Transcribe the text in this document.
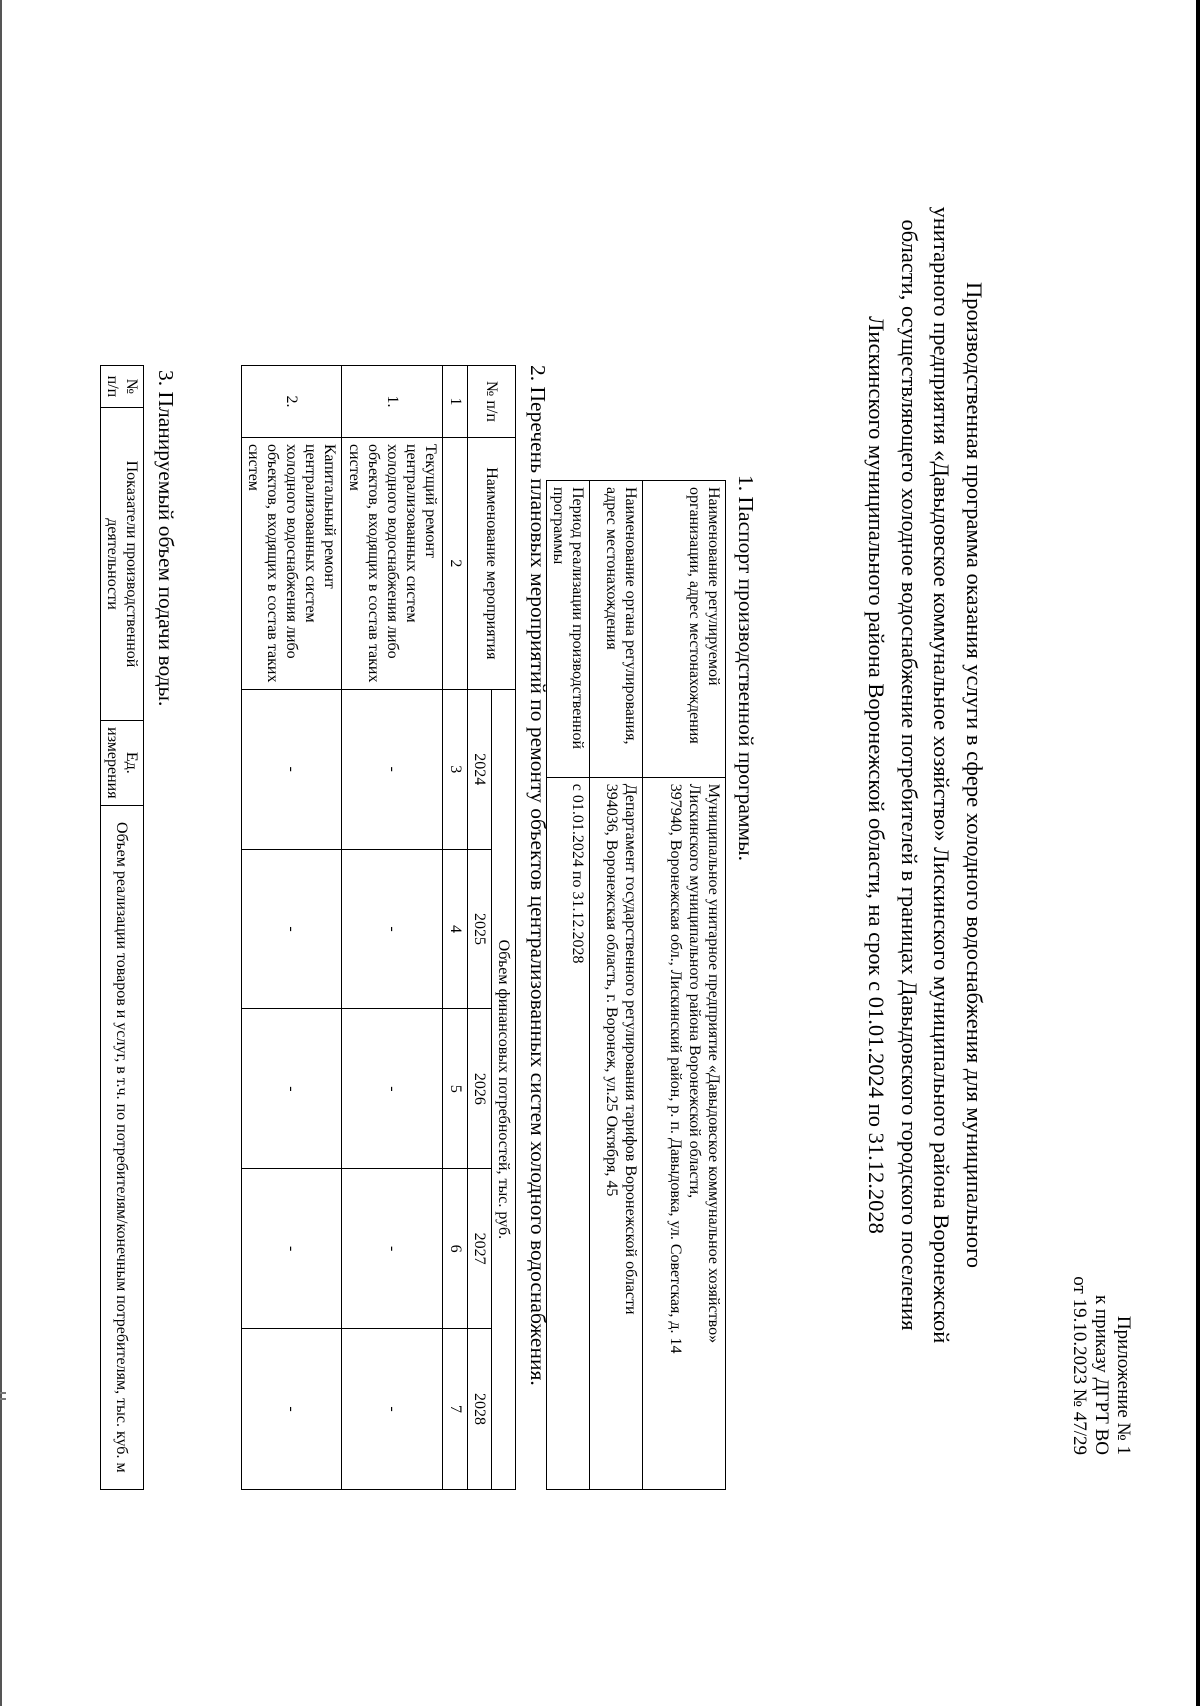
Приложение № 1
к приказу ДГРТ ВО
от 19.10.2023 № 47/29
Производственная программа оказания услуги в сфере холодного водоснабжения для муниципального
унитарного предприятия «Давыдовское коммунальное хозяйство» Лискинского муниципального района Воронежской
области, осуществляющего холодное водоснабжение потребителей в границах Давыдовского городского поселения
Лискинского муниципального района Воронежской области, на срок с 01.01.2024 по 31.12.2028
1. Паспорт производственной программы.
Наименование регулируемой организации, адрес местонахождения	Муниципальное унитарное предприятие «Давыдовское коммунальное хозяйство»
Лискинского муниципального района Воронежской области,
397940, Воронежская обл., Лискинский район, р. п. Давыдовка, ул. Советская, д. 14

Наименование органа регулирования, адрес местонахождения	Департамент государственного регулирования тарифов Воронежской области
394036, Воронежская область, г. Воронеж, ул.25 Октября, 45

Период реализации производственной программы	с 01.01.2024 по 31.12.2028
2. Перечень плановых мероприятий по ремонту объектов централизованных систем холодного водоснабжения.
№ п/п	Наименование мероприятия	Объем финансовых потребностей, тыс. руб.				
		2024	2025	2026	2027	2028
1	2	3	4	5	6	7
1.	Текущий ремонт централизованных систем холодного водоснабжения либо объектов, входящих в состав таких систем	-	-	-	-	-
2.	Капитальный ремонт централизованных систем холодного водоснабжения либо объектов, входящих в состав таких систем	-	-	-	-	-
3. Планируемый объем подачи воды.
№ п/п	Показатели производственной деятельности	Ед. измерения	Объем реализации товаров и услуг, в т.ч. по потребителям/конечным потребителям, тыс. куб. м
